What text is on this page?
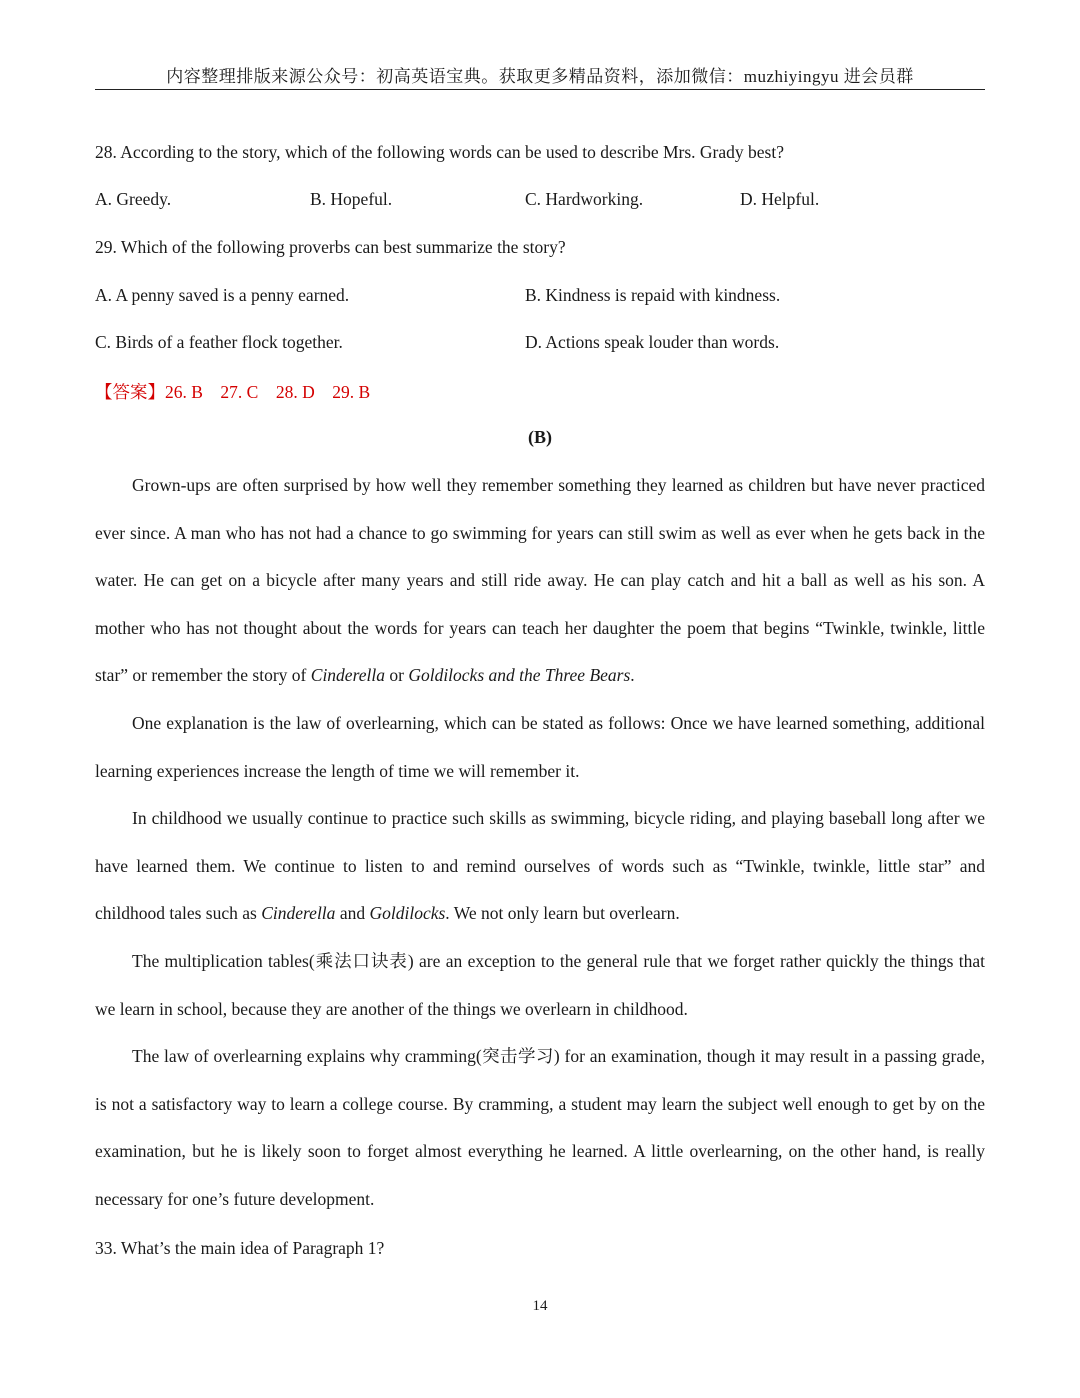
内容整理排版来源公众号：初高英语宝典。获取更多精品资料，添加微信：muzhiyingyu 进会员群
28. According to the story, which of the following words can be used to describe Mrs. Grady best?
A. Greedy.	B. Hopeful.	C. Hardworking.	D. Helpful.
29. Which of the following proverbs can best summarize the story?
A. A penny saved is a penny earned.	B. Kindness is repaid with kindness.
C. Birds of a feather flock together.	D. Actions speak louder than words.
【答案】26. B　27. C　28. D　29. B
(B)
Grown-ups are often surprised by how well they remember something they learned as children but have never practiced ever since. A man who has not had a chance to go swimming for years can still swim as well as ever when he gets back in the water. He can get on a bicycle after many years and still ride away. He can play catch and hit a ball as well as his son. A mother who has not thought about the words for years can teach her daughter the poem that begins “Twinkle, twinkle, little star” or remember the story of Cinderella or Goldilocks and the Three Bears.
One explanation is the law of overlearning, which can be stated as follows: Once we have learned something, additional learning experiences increase the length of time we will remember it.
In childhood we usually continue to practice such skills as swimming, bicycle riding, and playing baseball long after we have learned them. We continue to listen to and remind ourselves of words such as “Twinkle, twinkle, little star” and childhood tales such as Cinderella and Goldilocks. We not only learn but overlearn.
The multiplication tables(乘法口诀表) are an exception to the general rule that we forget rather quickly the things that we learn in school, because they are another of the things we overlearn in childhood.
The law of overlearning explains why cramming(突击学习) for an examination, though it may result in a passing grade, is not a satisfactory way to learn a college course. By cramming, a student may learn the subject well enough to get by on the examination, but he is likely soon to forget almost everything he learned. A little overlearning, on the other hand, is really necessary for one’s future development.
33. What’s the main idea of Paragraph 1?
14
